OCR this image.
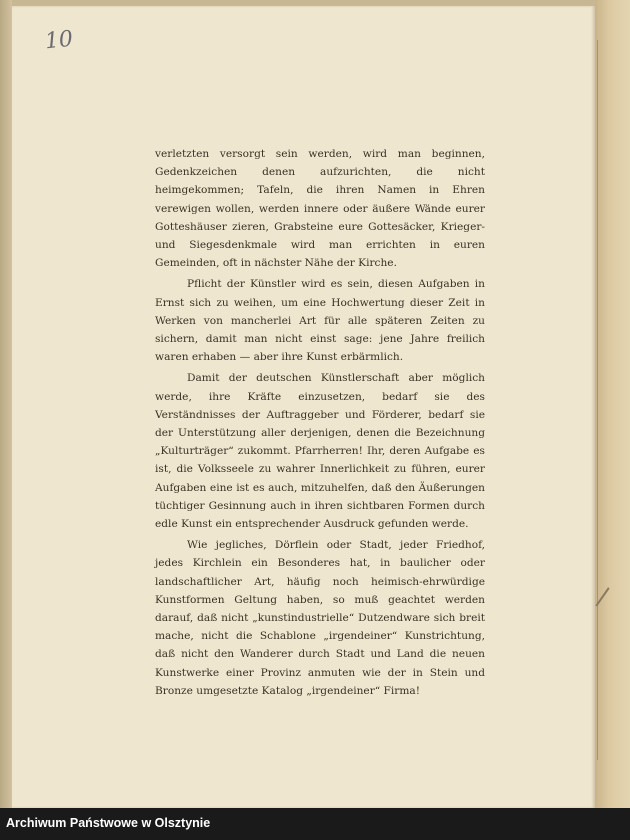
10

verletzten versorgt sein werden, wird man beginnen, Gedenkzeichen denen aufzurichten, die nicht heimgekommen; Tafeln, die ihren Namen in Ehren verewigen wollen, werden innere oder äußere Wände eurer Gotteshäuser zieren, Grabsteine eure Gottesäcker, Krieger- und Siegesdenkmale wird man errichten in euren Gemeinden, oft in nächster Nähe der Kirche.

Pflicht der Künstler wird es sein, diesen Aufgaben in Ernst sich zu weihen, um eine Hochwertung dieser Zeit in Werken von mancherlei Art für alle späteren Zeiten zu sichern, damit man nicht einst sage: jene Jahre freilich waren erhaben — aber ihre Kunst erbärmlich.

Damit der deutschen Künstlerschaft aber möglich werde, ihre Kräfte einzusetzen, bedarf sie des Verständnisses der Auftraggeber und Förderer, bedarf sie der Unterstützung aller derjenigen, denen die Bezeichnung „Kulturträger“ zukommt. Pfarrherren! Ihr, deren Aufgabe es ist, die Volksseele zu wahrer Innerlichkeit zu führen, eurer Aufgaben eine ist es auch, mitzuhelfen, daß den Äußerungen tüchtiger Gesinnung auch in ihren sichtbaren Formen durch edle Kunst ein entsprechender Ausdruck gefunden werde.

Wie jegliches, Dörflein oder Stadt, jeder Friedhof, jedes Kirchlein ein Besonderes hat, in baulicher oder landschaftlicher Art, häufig noch heimisch-ehrwürdige Kunstformen Geltung haben, so muß geachtet werden darauf, daß nicht „kunstindustrielle“ Dutzendware sich breit mache, nicht die Schablone „irgendeiner“ Kunstrichtung, daß nicht den Wanderer durch Stadt und Land die neuen Kunstwerke einer Provinz anmuten wie der in Stein und Bronze umgesetzte Katalog „irgendeiner“ Firma!

Archiwum Państwowe w Olsztynie
